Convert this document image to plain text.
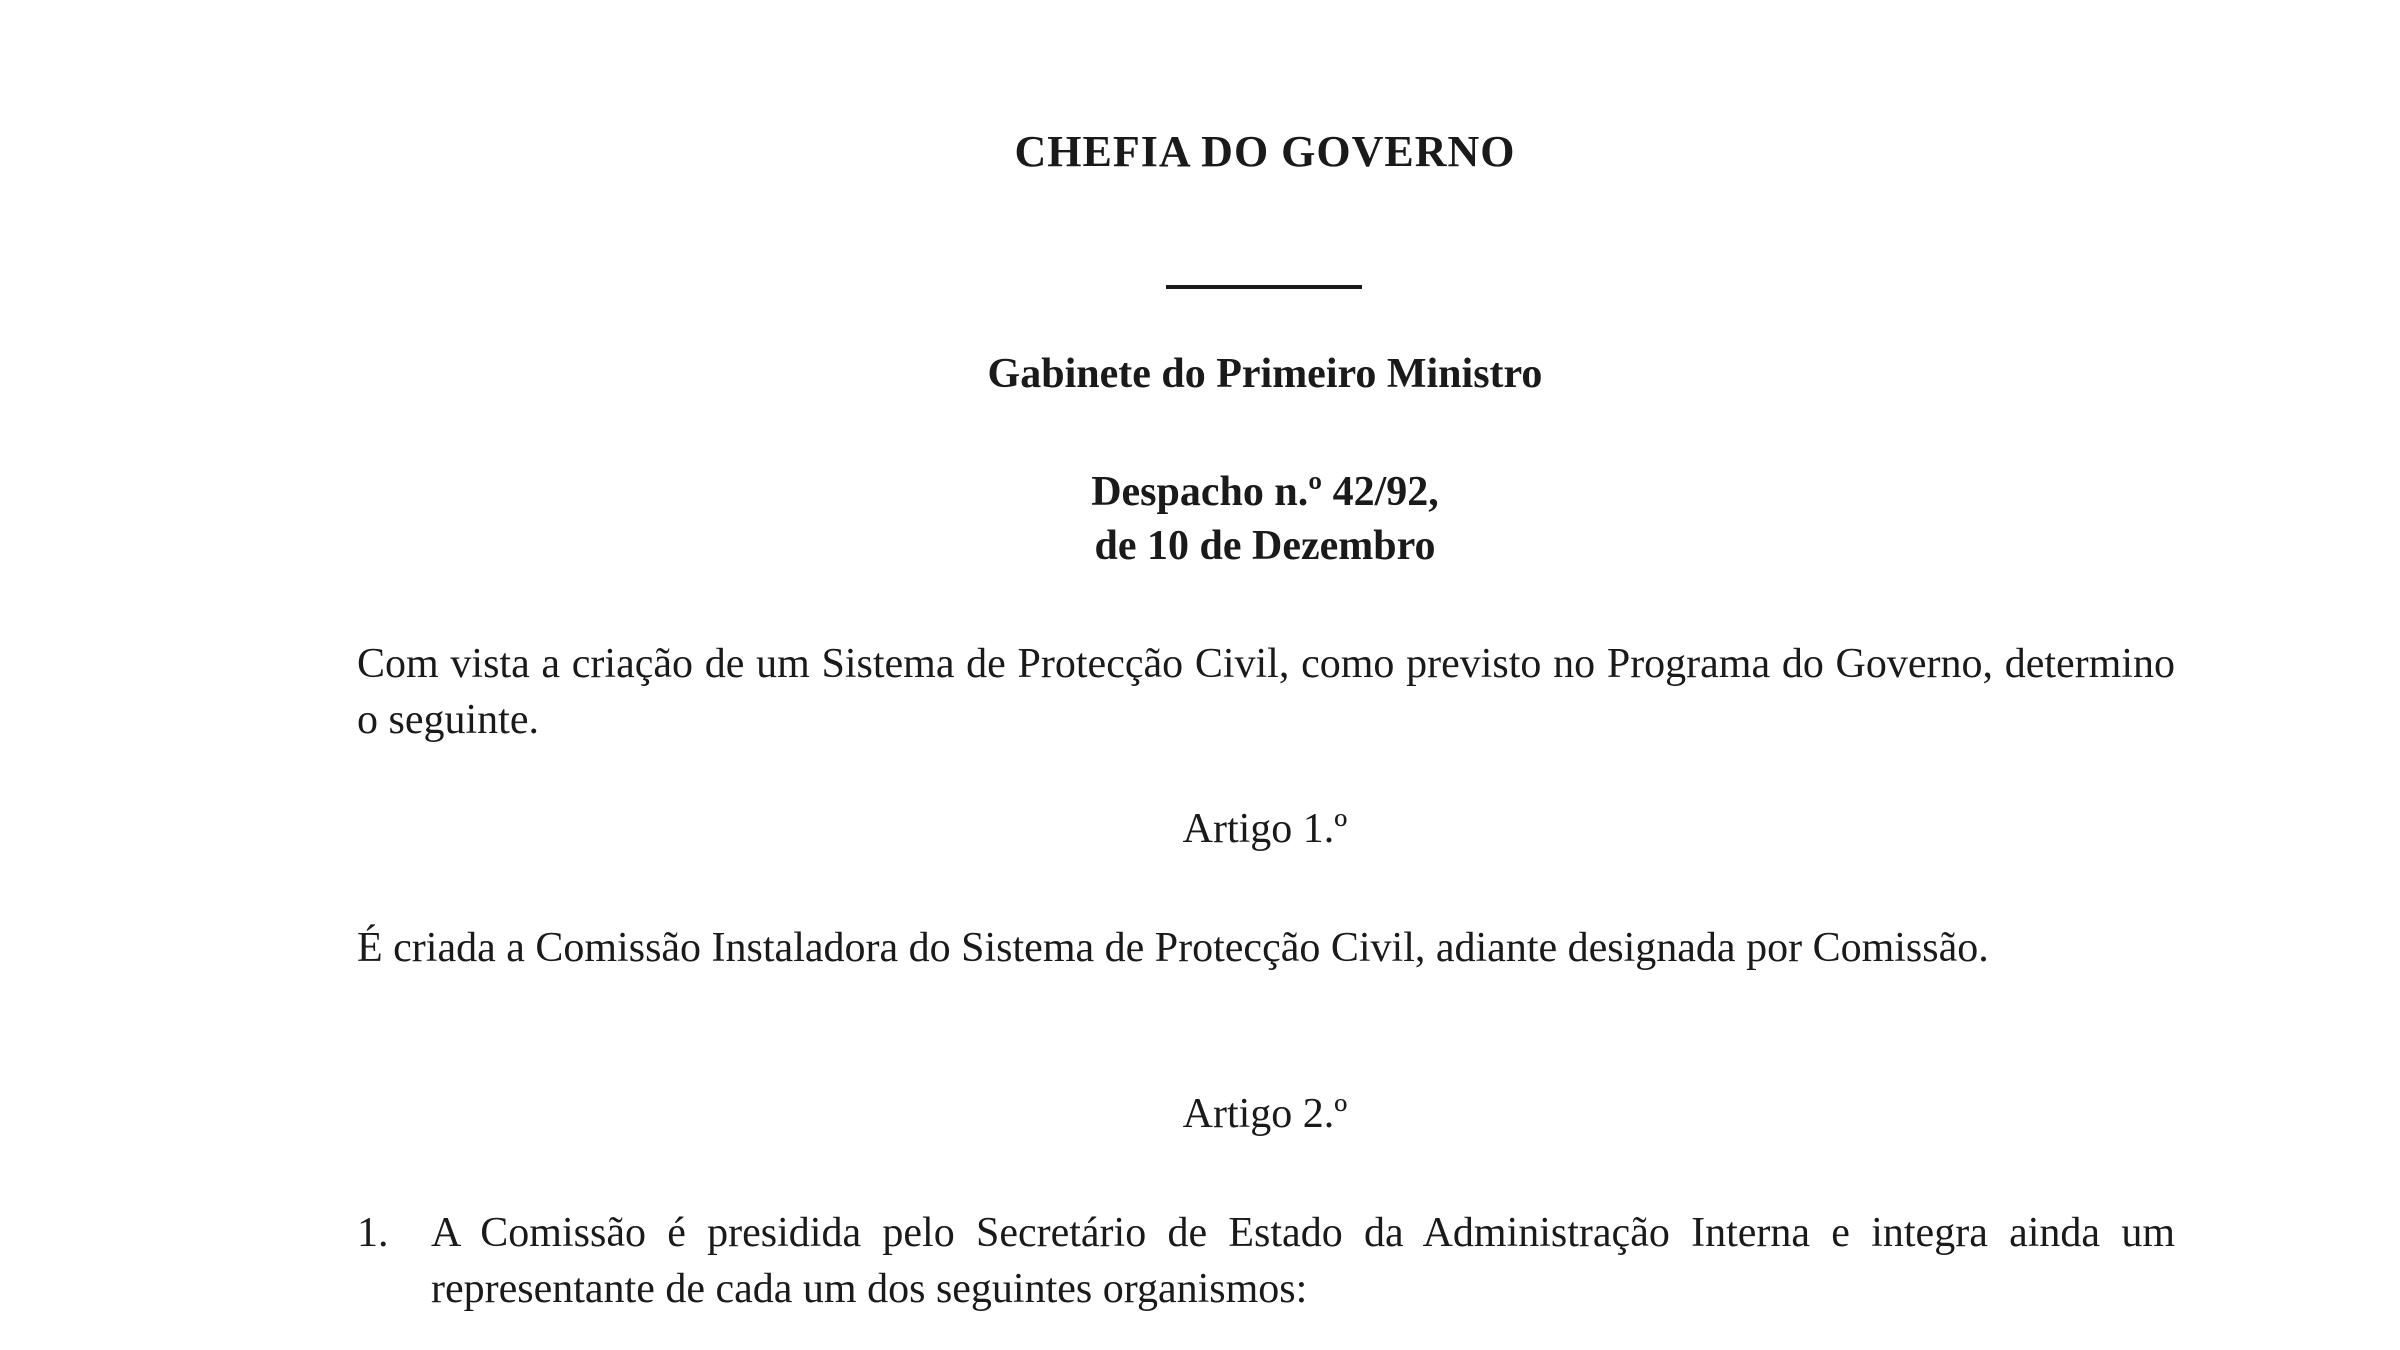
CHEFIA DO GOVERNO
Gabinete do Primeiro Ministro
Despacho n.º 42/92,
de 10 de Dezembro

Com vista a criação de um Sistema de Protecção Civil, como previsto no Programa do Governo, determino o seguinte.

Artigo 1.º

É criada a Comissão Instaladora do Sistema de Protecção Civil, adiante designada por Comissão.

Artigo 2.º
1. A Comissão é presidida pelo Secretário de Estado da Administração Interna e integra ainda um representante de cada um dos seguintes organismos:
